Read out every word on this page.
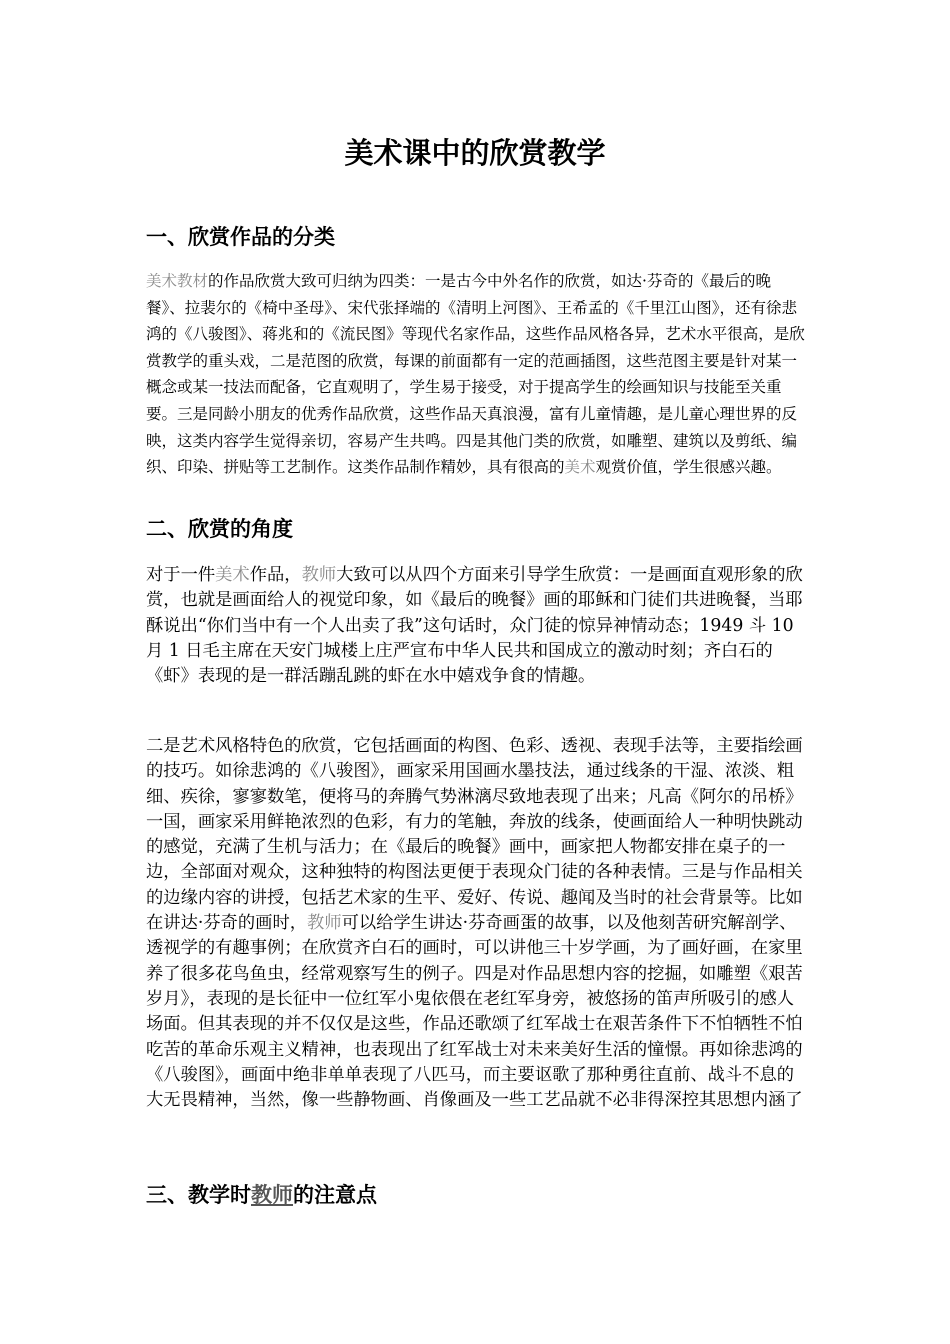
美术课中的欣赏教学
一、欣赏作品的分类

美术教材的作品欣赏大致可归纳为四类：一是古今中外名作的欣赏，如达·芬奇的《最后的晚餐》、拉裴尔的《椅中圣母》、宋代张择端的《清明上河图》、王希孟的《千里江山图》，还有徐悲鸿的《八骏图》、蒋兆和的《流民图》等现代名家作品，这些作品风格各异，艺术水平很高，是欣赏教学的重头戏，二是范图的欣赏，每课的前面都有一定的范画插图，这些范图主要是针对某一概念或某一技法而配备，它直观明了，学生易于接受，对于提高学生的绘画知识与技能至关重要。三是同龄小朋友的优秀作品欣赏，这些作品天真浪漫，富有儿童情趣，是儿童心理世界的反映，这类内容学生觉得亲切，容易产生共鸣。四是其他门类的欣赏，如雕塑、建筑以及剪纸、编织、印染、拼贴等工艺制作。这类作品制作精妙，具有很高的美术观赏价值，学生很感兴趣。

二、欣赏的角度

对于一件美术作品，教师大致可以从四个方面来引导学生欣赏：一是画面直观形象的欣赏，也就是画面给人的视觉印象，如《最后的晚餐》画的耶稣和门徒们共进晚餐，当耶酥说出“你们当中有一个人出卖了我”这句话时，众门徒的惊异神情动态；1949 斗 10 月 1 日毛主席在天安门城楼上庄严宣布中华人民共和国成立的激动时刻；齐白石的《虾》表现的是一群活蹦乱跳的虾在水中嬉戏争食的情趣。

二是艺术风格特色的欣赏，它包括画面的构图、色彩、透视、表现手法等，主要指绘画的技巧。如徐悲鸿的《八骏图》，画家采用国画水墨技法，通过线条的干湿、浓淡、粗细、疾徐，寥寥数笔，便将马的奔腾气势淋漓尽致地表现了出来；凡高《阿尔的吊桥》一国，画家采用鲜艳浓烈的色彩，有力的笔触，奔放的线条，使画面给人一种明快跳动的感觉，充满了生机与活力；在《最后的晚餐》画中，画家把人物都安排在桌子的一边，全部面对观众，这种独特的构图法更便于表现众门徒的各种表情。三是与作品相关的边缘内容的讲授，包括艺术家的生平、爱好、传说、趣闻及当时的社会背景等。比如在讲达·芬奇的画时，教师可以给学生讲达·芬奇画蛋的故事，以及他刻苦研究解剖学、透视学的有趣事例；在欣赏齐白石的画时，可以讲他三十岁学画，为了画好画，在家里养了很多花鸟鱼虫，经常观察写生的例子。四是对作品思想内容的挖掘，如雕塑《艰苦岁月》，表现的是长征中一位红军小鬼依偎在老红军身旁，被悠扬的笛声所吸引的感人场面。但其表现的并不仅仅是这些，作品还歌颂了红军战士在艰苦条件下不怕牺牲不怕吃苦的革命乐观主义精神，也表现出了红军战士对未来美好生活的憧憬。再如徐悲鸿的《八骏图》，画面中绝非单单表现了八匹马，而主要讴歌了那种勇往直前、战斗不息的大无畏精神，当然，像一些静物画、肖像画及一些工艺品就不必非得深控其思想内涵了

三、教学时教师的注意点
